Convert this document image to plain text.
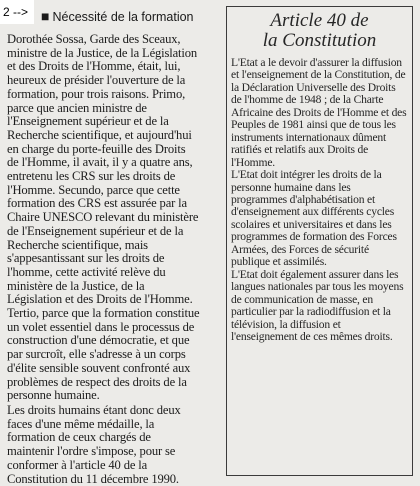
2 --> ■ Nécessité de la formation

Dorothée Sossa, Garde des Sceaux, ministre de la Justice, de la Législation et des Droits de l'Homme, était, lui, heureux de présider l'ouverture de la formation, pour trois raisons. Primo, parce que ancien ministre de l'Enseignement supérieur et de la Recherche scientifique, et aujourd'hui en charge du porte-feuille des Droits de l'Homme, il avait, il y a quatre ans, entretenu les CRS sur les droits de l'Homme. Secundo, parce que cette formation des CRS est assurée par la Chaire UNESCO relevant du ministère de l'Enseignement supérieur et de la Recherche scientifique, mais s'appesantissant sur les droits de l'homme, cette activité relève du ministère de la Justice, de la Législation et des Droits de l'Homme. Tertio, parce que la formation constitue un volet essentiel dans le processus de construction d'une démocratie, et que par surcroît, elle s'adresse à un corps d'élite sensible souvent confronté aux problèmes de respect des droits de la personne humaine.

Les droits humains étant donc deux faces d'une même médaille, la formation de ceux chargés de maintenir l'ordre s'impose, pour se conformer à l'article 40 de la Constitution du 11 décembre 1990.

Article 40 de
la Constitution

L'Etat a le devoir d'assurer la diffusion et l'enseignement de la Constitution, de la Déclaration Universelle des Droits de l'homme de 1948 ; de la Charte Africaine des Droits de l'Homme et des Peuples de 1981 ainsi que de tous les instruments internationaux dûment ratifiés et relatifs aux Droits de l'Homme.

L'Etat doit intégrer les droits de la personne humaine dans les programmes d'alphabétisation et d'enseignement aux différents cycles scolaires et universitaires et dans les programmes de formation des Forces Armées, des Forces de sécurité publique et assimilés.

L'Etat doit également assurer dans les langues nationales par tous les moyens de communication de masse, en particulier par la radiodiffusion et la télévision, la diffusion et l'enseignement de ces mêmes droits.
